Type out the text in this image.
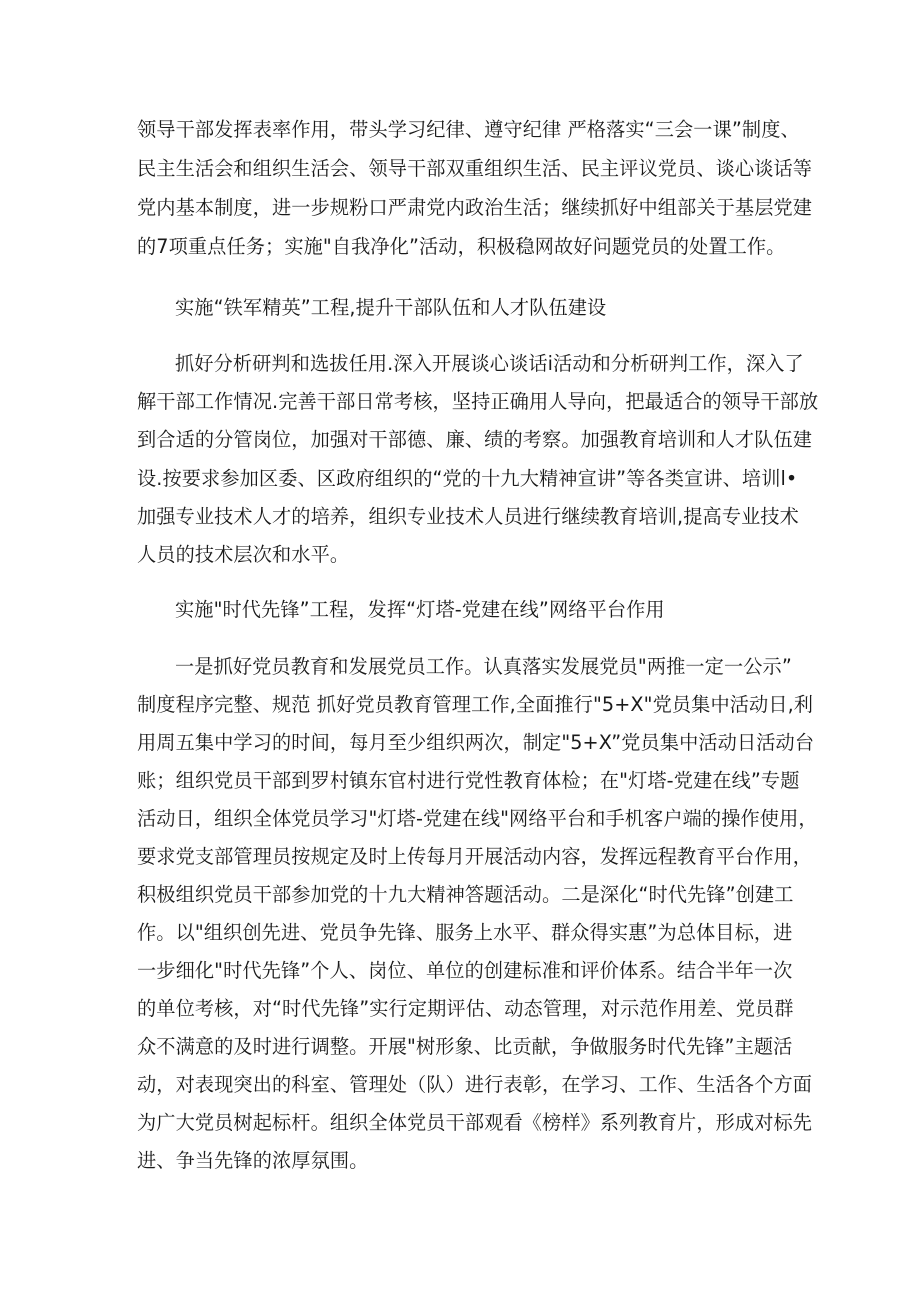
领导干部发挥表率作用，带头学习纪律、遵守纪律 严格落实“三会一课”制度、
民主生活会和组织生活会、领导干部双重组织生活、民主评议党员、谈心谈话等
党内基本制度，进一步规粉口严肃党内政治生活；继续抓好中组部关于基层党建
的7项重点任务；实施"自我净化”活动，积极稳网故好问题党员的处置工作。
实施“铁军精英”工程,提升干部队伍和人才队伍建设
抓好分析研判和选拔任用.深入开展谈心谈话i活动和分析研判工作，深入了
解干部工作情况.完善干部日常考核，坚持正确用人导向，把最适合的领导干部放
到合适的分管岗位，加强对干部德、廉、绩的考察。加强教育培训和人才队伍建
设.按要求参加区委、区政府组织的“党的十九大精神宣讲”等各类宣讲、培训l•
加强专业技术人才的培养，组织专业技术人员进行继续教育培训,提高专业技术
人员的技术层次和水平。
实施"时代先锋”工程，发挥“灯塔-党建在线”网络平台作用
一是抓好党员教育和发展党员工作。认真落实发展党员"两推一定一公示”
制度程序完整、规范 抓好党员教育管理工作,全面推行"5+X"党员集中活动日,利
用周五集中学习的时间，每月至少组织两次，制定"5+X”党员集中活动日活动台
账；组织党员干部到罗村镇东官村进行党性教育体检；在"灯塔-党建在线”专题
活动日，组织全体党员学习"灯塔-党建在线"网络平台和手机客户端的操作使用，
要求党支部管理员按规定及时上传每月开展活动内容，发挥远程教育平台作用，
积极组织党员干部参加党的十九大精神答题活动。二是深化“时代先锋”创建工
作。以"组织创先进、党员争先锋、服务上水平、群众得实惠”为总体目标，进
一步细化"时代先锋”个人、岗位、单位的创建标准和评价体系。结合半年一次
的单位考核，对“时代先锋”实行定期评估、动态管理，对示范作用差、党员群
众不满意的及时进行调整。开展"树形象、比贡献，争做服务时代先锋”主题活
动，对表现突出的科室、管理处（队）进行表彰，在学习、工作、生活各个方面
为广大党员树起标杆。组织全体党员干部观看《榜样》系列教育片，形成对标先
进、争当先锋的浓厚氛围。
